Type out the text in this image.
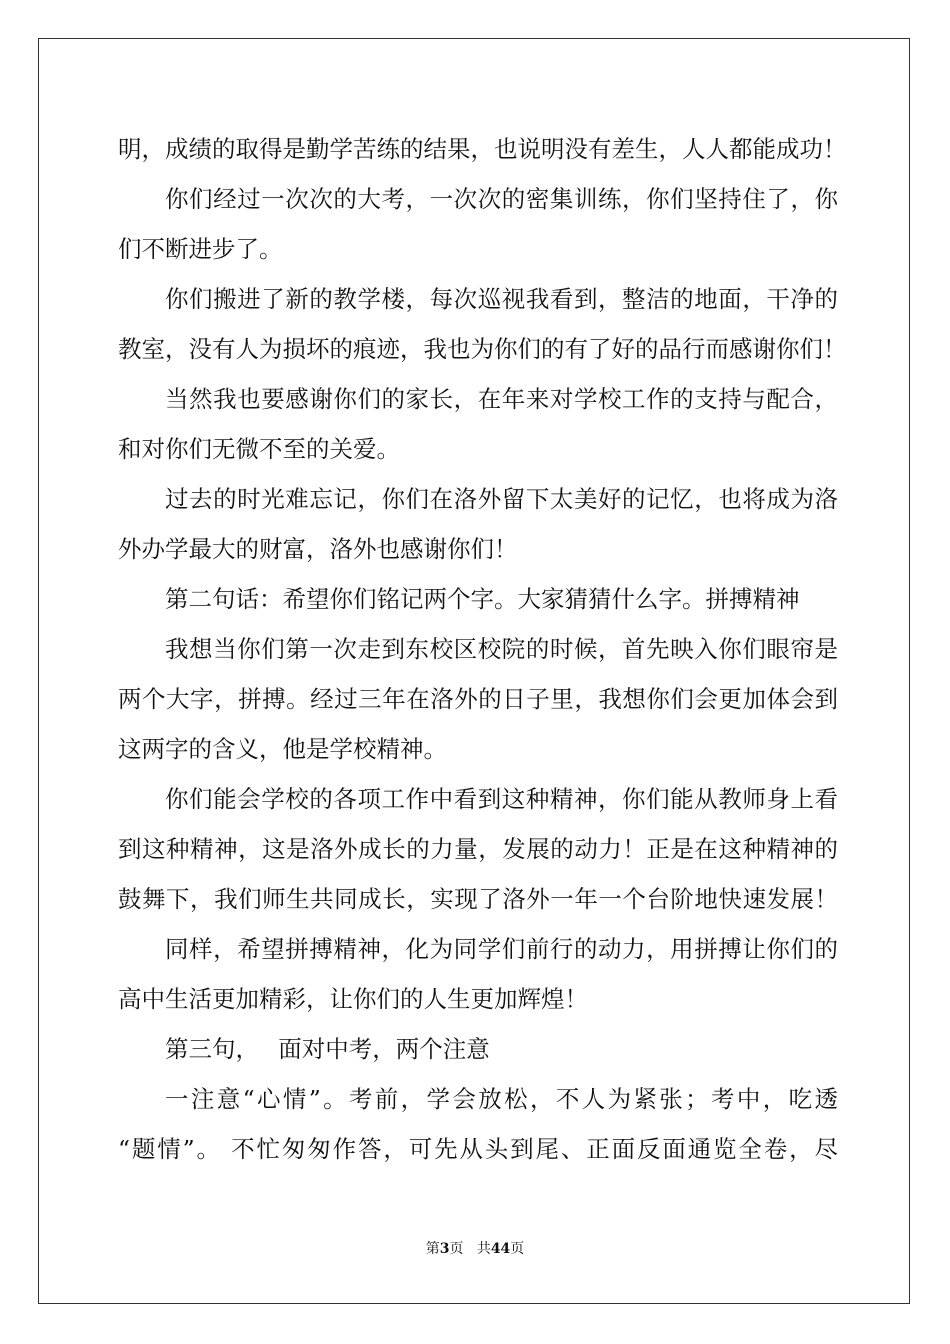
明，成绩的取得是勤学苦练的结果，也说明没有差生，人人都能成功！
你们经过一次次的大考，一次次的密集训练，你们坚持住了，你
们不断进步了。
你们搬进了新的教学楼，每次巡视我看到，整洁的地面，干净的
教室，没有人为损坏的痕迹，我也为你们的有了好的品行而感谢你们！
当然我也要感谢你们的家长，在年来对学校工作的支持与配合，
和对你们无微不至的关爱。
过去的时光难忘记，你们在洛外留下太美好的记忆，也将成为洛
外办学最大的财富，洛外也感谢你们！
第二句话：希望你们铭记两个字。大家猜猜什么字。拼搏精神
我想当你们第一次走到东校区校院的时候，首先映入你们眼帘是
两个大字，拼搏。经过三年在洛外的日子里，我想你们会更加体会到
这两字的含义，他是学校精神。
你们能会学校的各项工作中看到这种精神，你们能从教师身上看
到这种精神，这是洛外成长的力量，发展的动力！正是在这种精神的
鼓舞下，我们师生共同成长，实现了洛外一年一个台阶地快速发展！
同样，希望拼搏精神，化为同学们前行的动力，用拼搏让你们的
高中生活更加精彩，让你们的人生更加辉煌！
第三句，　 面对中考，两个注意
一注意“心情”。考前，学会放松，不人为紧张；考中，吃透
“题情”。 不忙匆匆作答，可先从头到尾、正面反面通览全卷，尽
第3页 共44页
